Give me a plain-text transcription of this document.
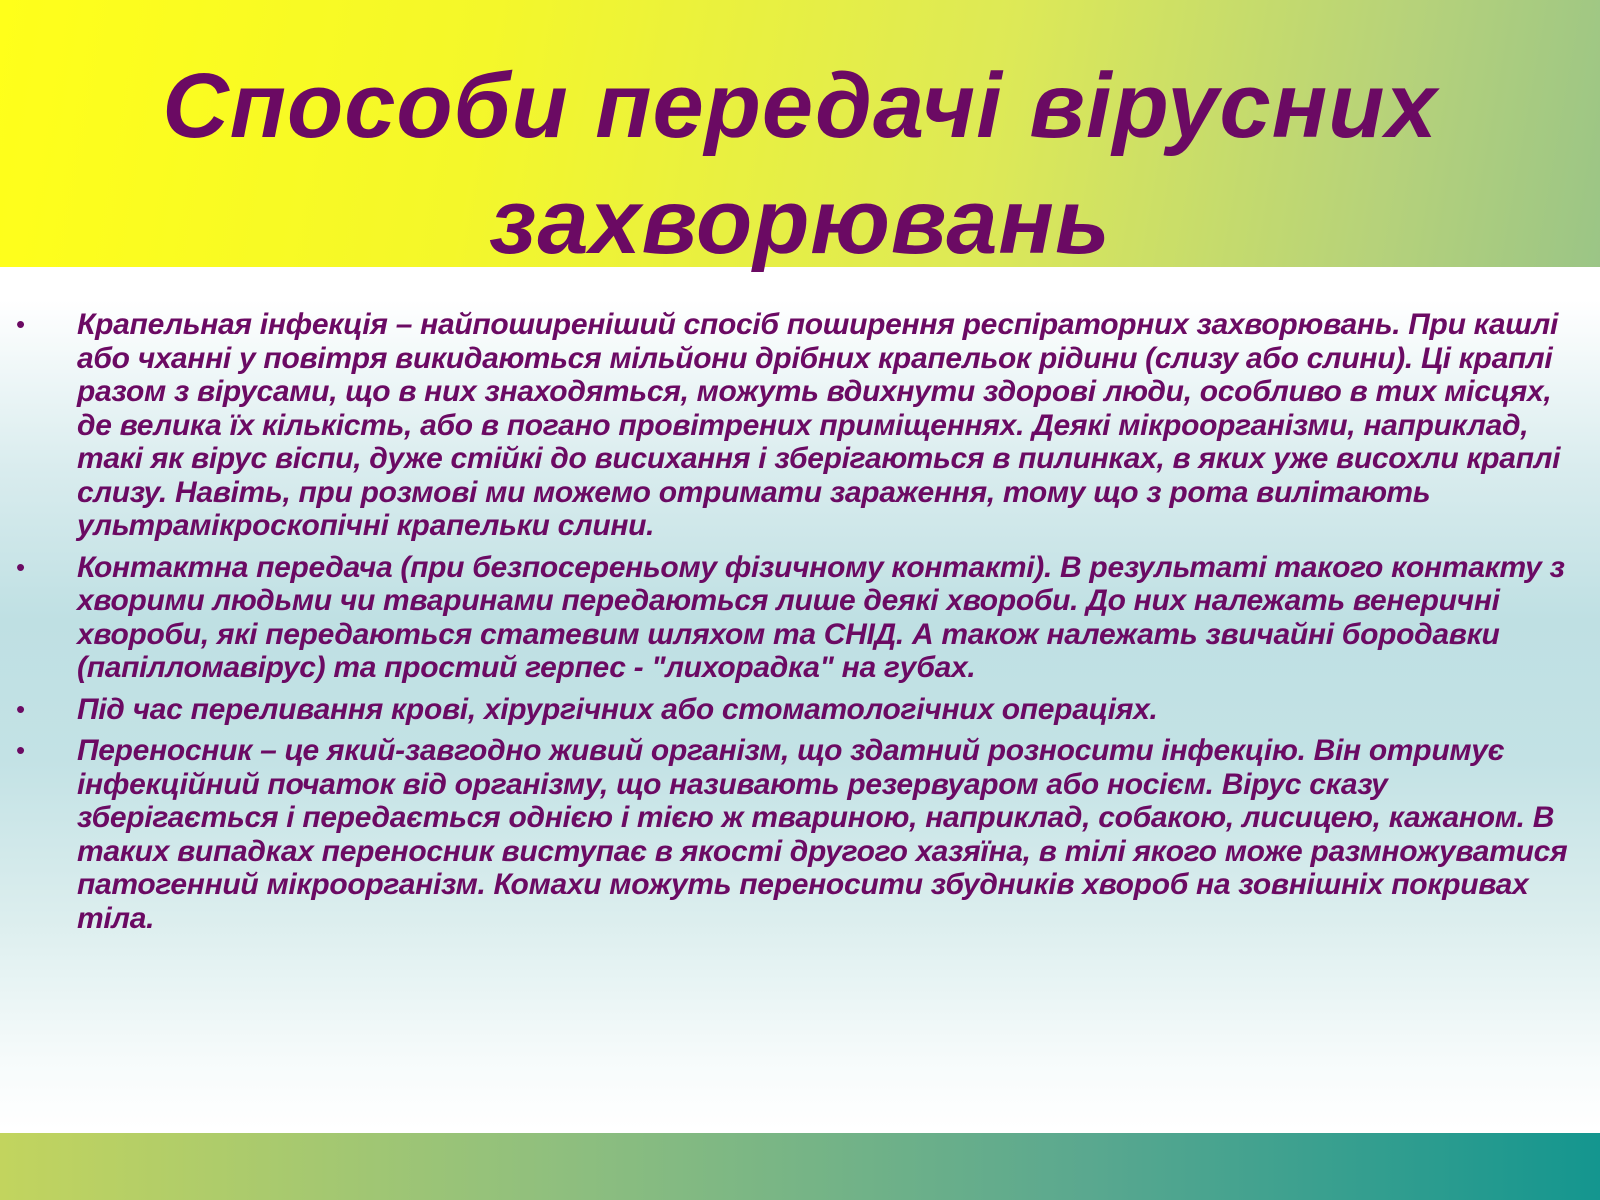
Способи передачі вірусних захворювань
• Крапельная інфекція – найпоширеніший спосіб поширення респіраторних захворювань. При кашлі або чханні у повітря викидаються мільйони дрібних крапельок рідини (слизу або слини). Ці краплі разом з вірусами, що в них знаходяться, можуть вдихнути здорові люди, особливо в тих місцях, де велика їх кількість, або в погано провітрених приміщеннях. Деякі мікроорганізми, наприклад, такі як вірус віспи, дуже стійкі до висихання і зберігаються в пилинках, в яких уже висохли краплі слизу. Навіть, при розмові ми можемо отримати зараження, тому що з рота вилітають ультрамікроскопічні крапельки слини.
• Контактна передача (при безпосереньому фізичному контакті). В результаті такого контакту з хворими людьми чи тваринами передаються лише деякі хвороби. До них належать венеричні хвороби, які передаються статевим шляхом та СНІД. А також належать звичайні бородавки (папілломавірус) та простий герпес - "лихорадка" на губах.
• Під час переливання крові, хірургічних або стоматологічних операціях.
• Переносник – це який-завгодно живий організм, що здатний розносити інфекцію. Він отримує інфекційний початок від організму, що називають резервуаром або носієм. Вірус сказу зберігається і передається однією і тією ж твариною, наприклад, собакою, лисицею, кажаном. В таких випадках переносник виступає в якості другого хазяїна, в тілі якого може размножуватися патогенний мікроорганізм. Комахи можуть переносити збудників хвороб на зовнішніх покривах тіла.
